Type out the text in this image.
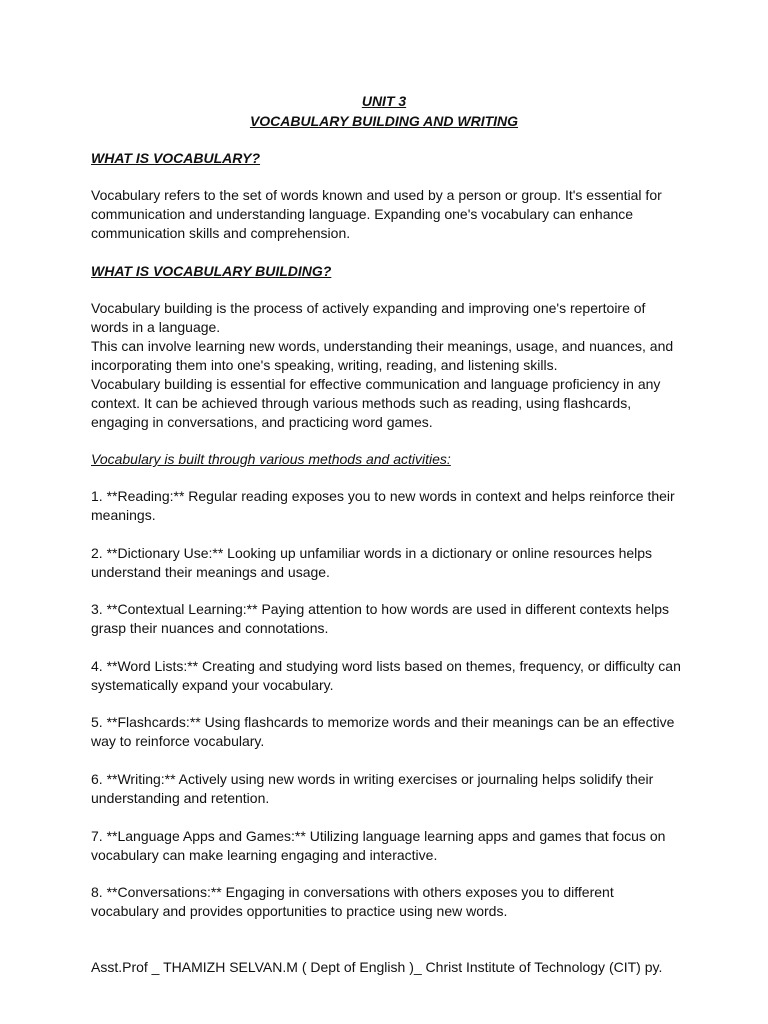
UNIT 3

VOCABULARY BUILDING AND WRITING

WHAT IS VOCABULARY?

Vocabulary refers to the set of words known and used by a person or group. It's essential for communication and understanding language. Expanding one's vocabulary can enhance communication skills and comprehension.

WHAT IS VOCABULARY BUILDING?

Vocabulary building is the process of actively expanding and improving one's repertoire of words in a language.

This can involve learning new words, understanding their meanings, usage, and nuances, and incorporating them into one's speaking, writing, reading, and listening skills.

Vocabulary building is essential for effective communication and language proficiency in any context. It can be achieved through various methods such as reading, using flashcards, engaging in conversations, and practicing word games.

Vocabulary is built through various methods and activities:

1. **Reading:** Regular reading exposes you to new words in context and helps reinforce their meanings.

2. **Dictionary Use:** Looking up unfamiliar words in a dictionary or online resources helps understand their meanings and usage.

3. **Contextual Learning:** Paying attention to how words are used in different contexts helps grasp their nuances and connotations.

4. **Word Lists:** Creating and studying word lists based on themes, frequency, or difficulty can systematically expand your vocabulary.

5. **Flashcards:** Using flashcards to memorize words and their meanings can be an effective way to reinforce vocabulary.

6. **Writing:** Actively using new words in writing exercises or journaling helps solidify their understanding and retention.

7. **Language Apps and Games:** Utilizing language learning apps and games that focus on vocabulary can make learning engaging and interactive.

8. **Conversations:** Engaging in conversations with others exposes you to different vocabulary and provides opportunities to practice using new words.

Asst.Prof _ THAMIZH SELVAN.M ( Dept of English )_ Christ Institute of Technology (CIT) py.
